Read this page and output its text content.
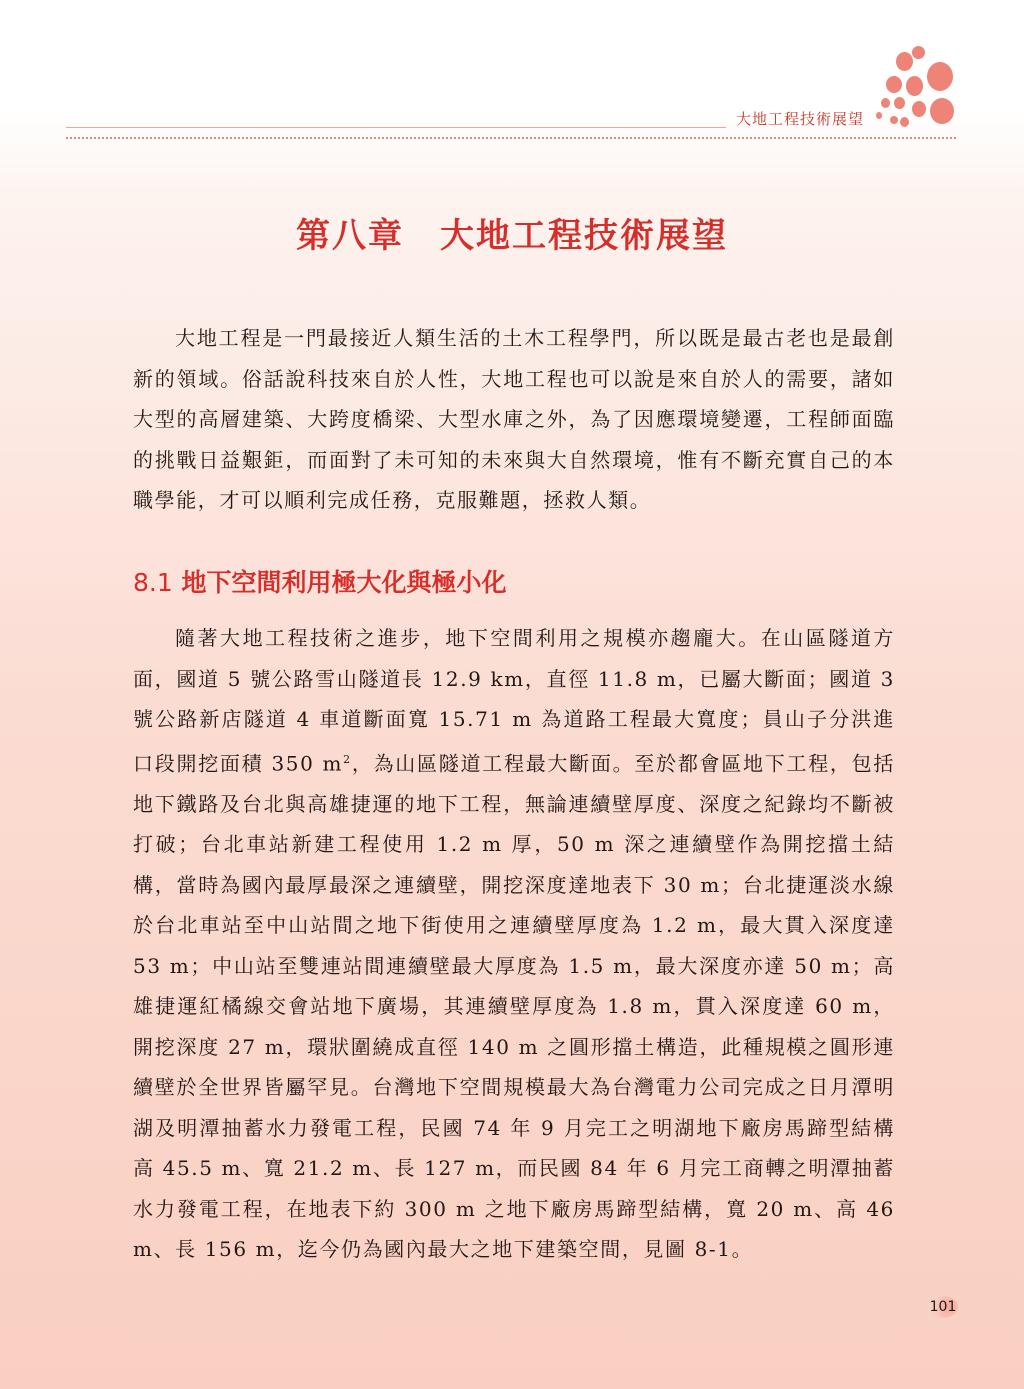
大地工程技術展望
第八章　大地工程技術展望

大地工程是一門最接近人類生活的土木工程學門，所以既是最古老也是最創新的領域。俗話說科技來自於人性，大地工程也可以說是來自於人的需要，諸如大型的高層建築、大跨度橋梁、大型水庫之外，為了因應環境變遷，工程師面臨的挑戰日益艱鉅，而面對了未可知的未來與大自然環境，惟有不斷充實自己的本職學能，才可以順利完成任務，克服難題，拯救人類。

8.1 地下空間利用極大化與極小化

隨著大地工程技術之進步，地下空間利用之規模亦趨龐大。在山區隧道方面，國道 5 號公路雪山隧道長 12.9 km，直徑 11.8 m，已屬大斷面；國道 3 號公路新店隧道 4 車道斷面寬 15.71 m 為道路工程最大寬度；員山子分洪進口段開挖面積 350 $m^2$，為山區隧道工程最大斷面。至於都會區地下工程，包括地下鐵路及台北與高雄捷運的地下工程，無論連續壁厚度、深度之紀錄均不斷被打破；台北車站新建工程使用 1.2 m 厚，50 m 深之連續壁作為開挖擋土結構，當時為國內最厚最深之連續壁，開挖深度達地表下 30 m；台北捷運淡水線於台北車站至中山站間之地下街使用之連續壁厚度為 1.2 m，最大貫入深度達 53 m；中山站至雙連站間連續壁最大厚度為 1.5 m，最大深度亦達 50 m；高雄捷運紅橘線交會站地下廣場，其連續壁厚度為 1.8 m，貫入深度達 60 m，開挖深度 27 m，環狀圍繞成直徑 140 m 之圓形擋土構造，此種規模之圓形連續壁於全世界皆屬罕見。台灣地下空間規模最大為台灣電力公司完成之日月潭明湖及明潭抽蓄水力發電工程，民國 74 年 9 月完工之明湖地下廠房馬蹄型結構高 45.5 m、寬 21.2 m、長 127 m，而民國 84 年 6 月完工商轉之明潭抽蓄水力發電工程，在地表下約 300 m 之地下廠房馬蹄型結構，寬 20 m、高 46 m、長 156 m，迄今仍為國內最大之地下建築空間，見圖 8-1。

101
